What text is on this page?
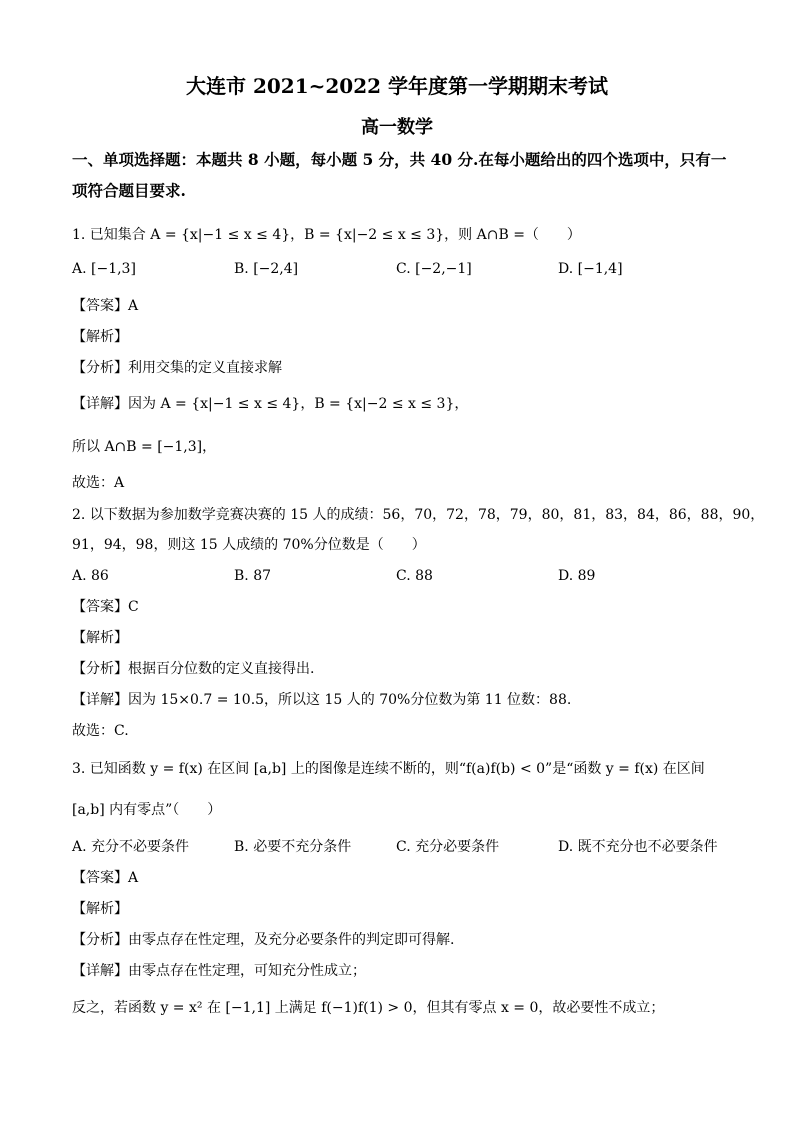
大连市 2021~2022 学年度第一学期期末考试
高一数学
一、单项选择题：本题共 8 小题，每小题 5 分，共 40 分.在每小题给出的四个选项中，只有一
项符合题目要求.
1. 已知集合 A = {x|−1 ≤ x ≤ 4}，B = {x|−2 ≤ x ≤ 3}，则 A∩B =（　　）
A. [−1,3]	B. [−2,4]	C. [−2,−1]	D. [−1,4]
【答案】A
【解析】
【分析】利用交集的定义直接求解
【详解】因为 A = {x|−1 ≤ x ≤ 4}，B = {x|−2 ≤ x ≤ 3}，
所以 A∩B = [−1,3]，
故选：A
2. 以下数据为参加数学竞赛决赛的 15 人的成绩：56，70，72，78，79，80，81，83，84，86，88，90，
91，94，98，则这 15 人成绩的 70%分位数是（　　）
A. 86	B. 87	C. 88	D. 89
【答案】C
【解析】
【分析】根据百分位数的定义直接得出.
【详解】因为 15×0.7 = 10.5，所以这 15 人的 70%分位数为第 11 位数：88.
故选：C.
3. 已知函数 y = f(x) 在区间 [a,b] 上的图像是连续不断的，则“f(a)f(b) < 0”是“函数 y = f(x) 在区间
[a,b] 内有零点”（　　）
A. 充分不必要条件	B. 必要不充分条件	C. 充分必要条件	D. 既不充分也不必要条件
【答案】A
【解析】
【分析】由零点存在性定理，及充分必要条件的判定即可得解.
【详解】由零点存在性定理，可知充分性成立；
反之，若函数 y = x² 在 [−1,1] 上满足 f(−1)f(1) > 0，但其有零点 x = 0，故必要性不成立；
